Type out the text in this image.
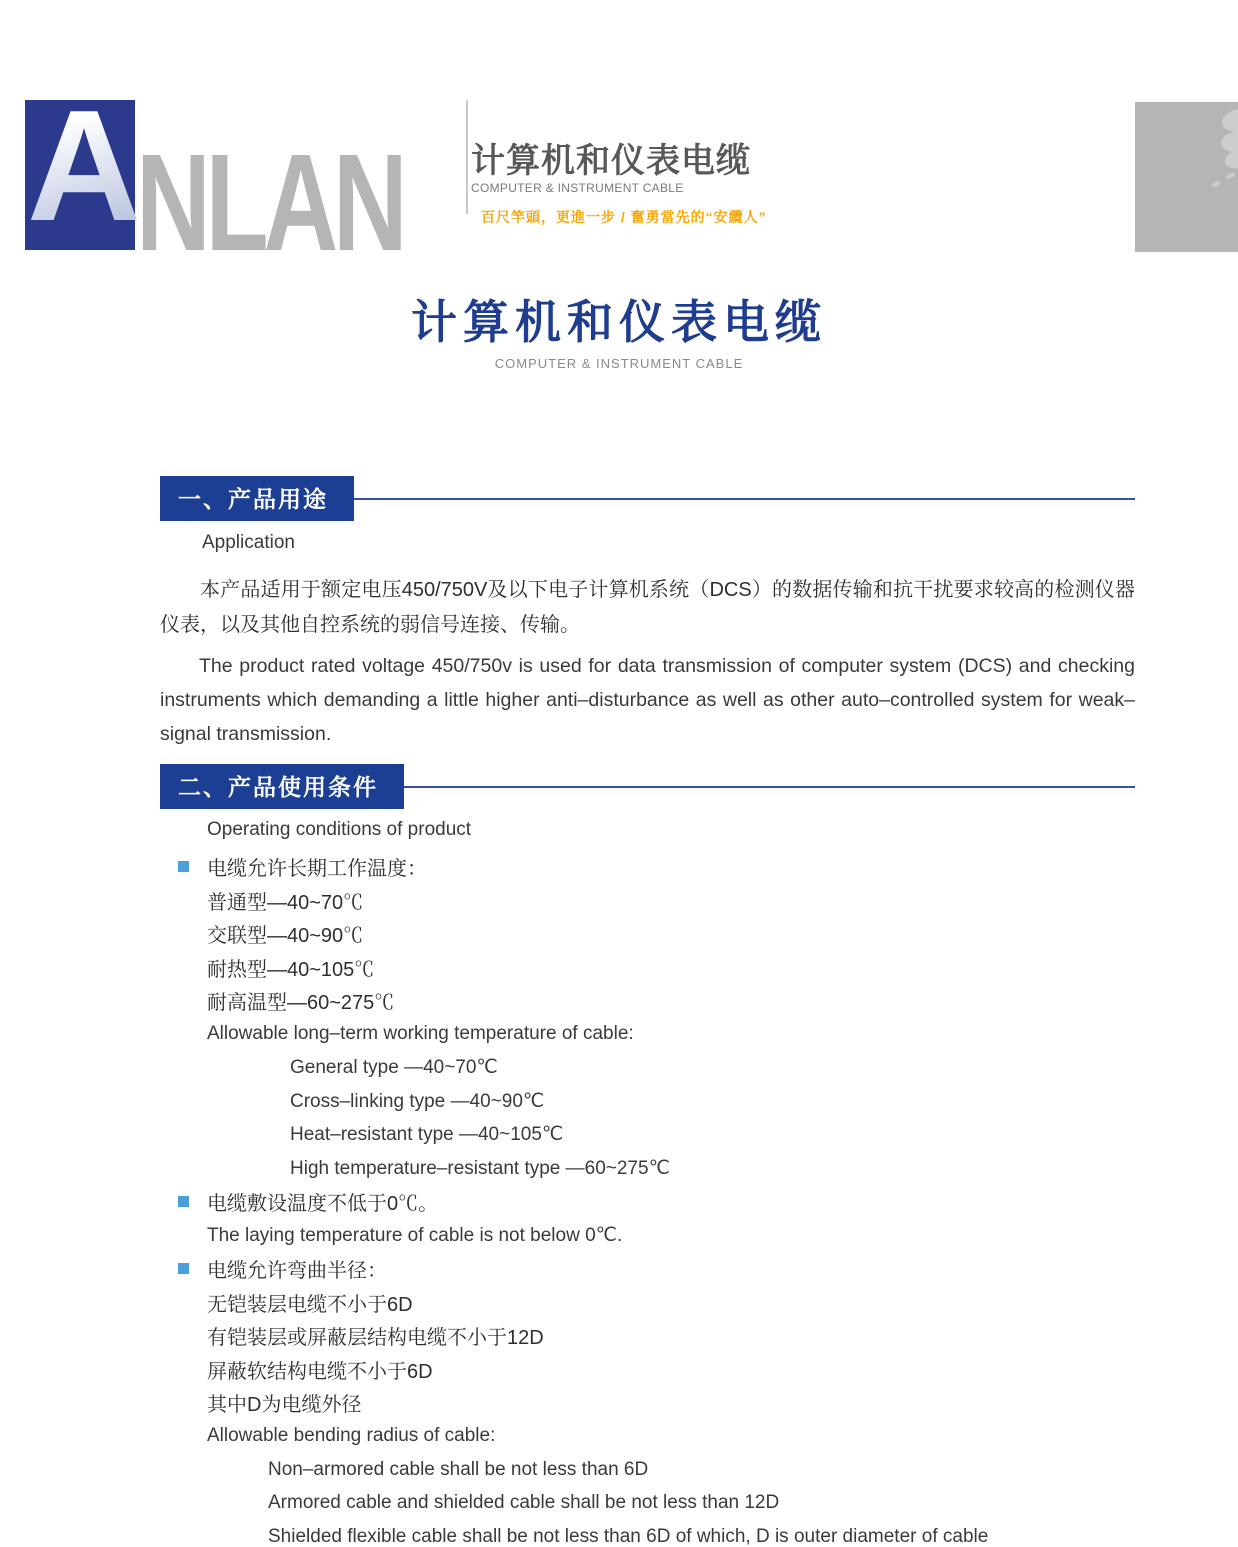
A
NLAN 计算机和仪表电缆
COMPUTER & INSTRUMENT CABLE
百尺竿頭，更進一步 / 奮勇當先的“安纜人”
计算机和仪表电缆
COMPUTER & INSTRUMENT CABLE
一、产品用途
Application
本产品适用于额定电压450/750V及以下电子计算机系统（DCS）的数据传输和抗干扰要求较高的检测仪器仪表，以及其他自控系统的弱信号连接、传输。
The product rated voltage 450/750v is used for data transmission of computer system (DCS) and checking instruments which demanding a little higher anti–disturbance as well as other auto–controlled system for weak–signal transmission.
二、产品使用条件
Operating conditions of product
电缆允许长期工作温度：
普通型—40~70℃
交联型—40~90℃
耐热型—40~105℃
耐高温型—60~275℃
Allowable long–term working temperature of cable:
General type —40~70℃
Cross–linking type —40~90℃
Heat–resistant type —40~105℃
High temperature–resistant type —60~275℃
电缆敷设温度不低于0℃。
The laying temperature of cable is not below 0℃.
电缆允许弯曲半径：
无铠装层电缆不小于6D
有铠装层或屏蔽层结构电缆不小于12D
屏蔽软结构电缆不小于6D
其中D为电缆外径
Allowable bending radius of cable:
Non–armored cable shall be not less than 6D
Armored cable and shielded cable shall be not less than 12D
Shielded flexible cable shall be not less than 6D of which, D is outer diameter of cable
